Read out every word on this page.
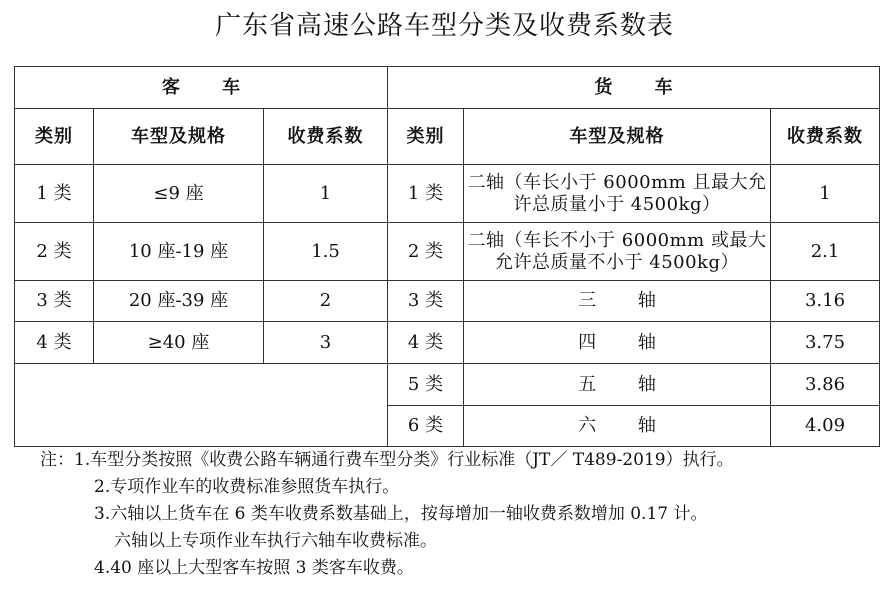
广东省高速公路车型分类及收费系数表
客 车			货 车		
类别	车型及规格	收费系数	类别	车型及规格	收费系数
1 类	≤9 座	1	1 类	二轴（车长小于 6000mm 且最大允
许总质量小于 4500kg）	1
2 类	10 座-19 座	1.5	2 类	二轴（车长不小于 6000mm 或最大
允许总质量不小于 4500kg）	2.1
3 类	20 座-39 座	2	3 类	三 轴	3.16
4 类	≥40 座	3	4 类	四 轴	3.75
			5 类	五 轴	3.86
			6 类	六 轴	4.09
注：1.车型分类按照《收费公路车辆通行费车型分类》行业标准（JT／ T489-2019）执行。
2.专项作业车的收费标准参照货车执行。
3.六轴以上货车在 6 类车收费系数基础上，按每增加一轴收费系数增加 0.17 计。
六轴以上专项作业车执行六轴车收费标准。
4.40 座以上大型客车按照 3 类客车收费。
